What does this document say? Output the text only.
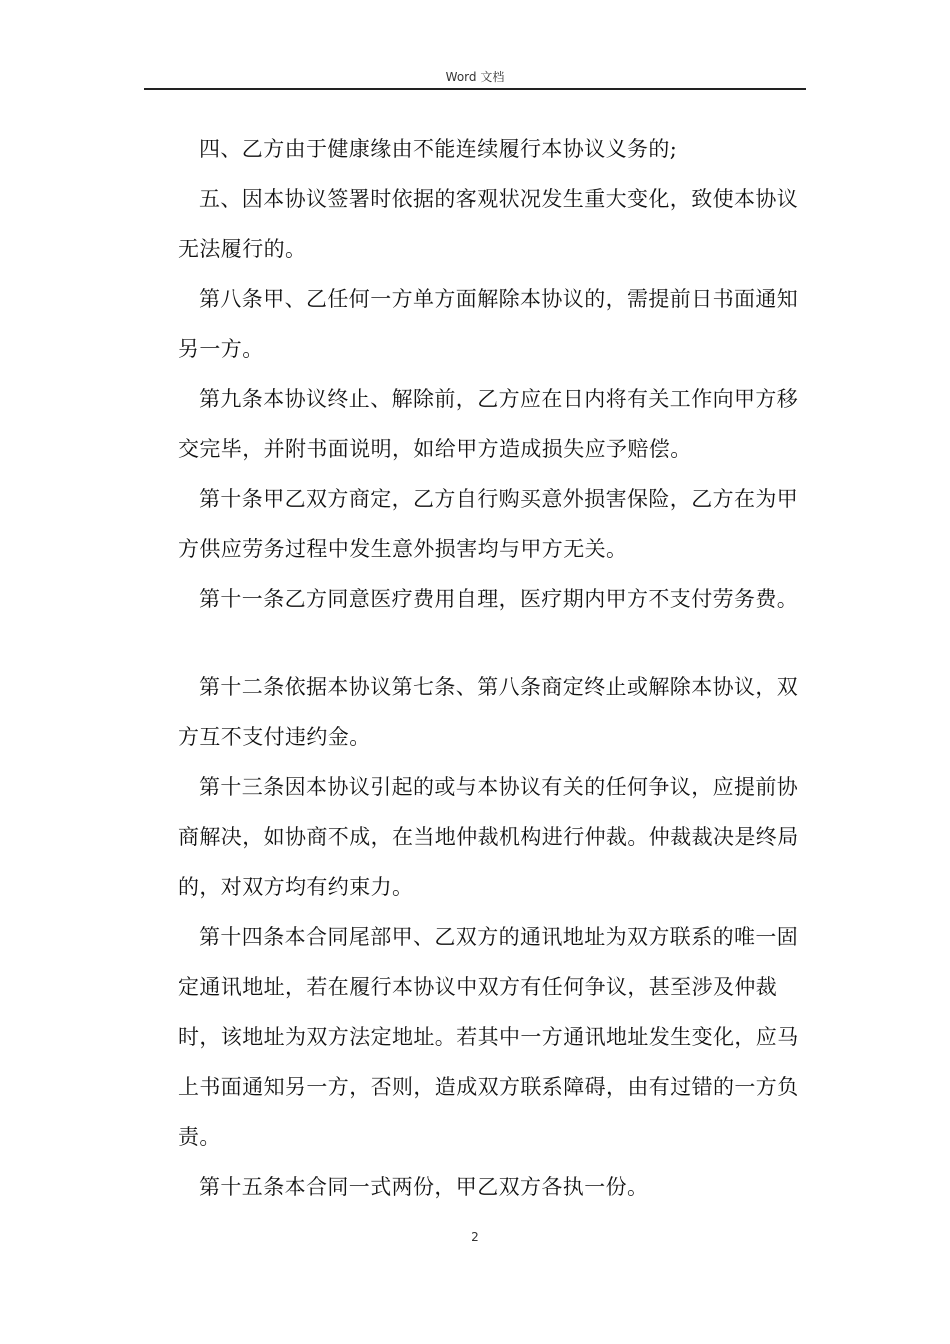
Word 文档

四、乙方由于健康缘由不能连续履行本协议义务的;

五、因本协议签署时依据的客观状况发生重大变化，致使本协议无法履行的。

第八条甲、乙任何一方单方面解除本协议的，需提前日书面通知另一方。

第九条本协议终止、解除前，乙方应在日内将有关工作向甲方移交完毕，并附书面说明，如给甲方造成损失应予赔偿。

第十条甲乙双方商定，乙方自行购买意外损害保险，乙方在为甲方供应劳务过程中发生意外损害均与甲方无关。

第十一条乙方同意医疗费用自理，医疗期内甲方不支付劳务费。

第十二条依据本协议第七条、第八条商定终止或解除本协议，双方互不支付违约金。

第十三条因本协议引起的或与本协议有关的任何争议，应提前协商解决，如协商不成，在当地仲裁机构进行仲裁。仲裁裁决是终局的，对双方均有约束力。

第十四条本合同尾部甲、乙双方的通讯地址为双方联系的唯一固定通讯地址，若在履行本协议中双方有任何争议，甚至涉及仲裁时，该地址为双方法定地址。若其中一方通讯地址发生变化，应马上书面通知另一方，否则，造成双方联系障碍，由有过错的一方负责。

第十五条本合同一式两份，甲乙双方各执一份。

2
